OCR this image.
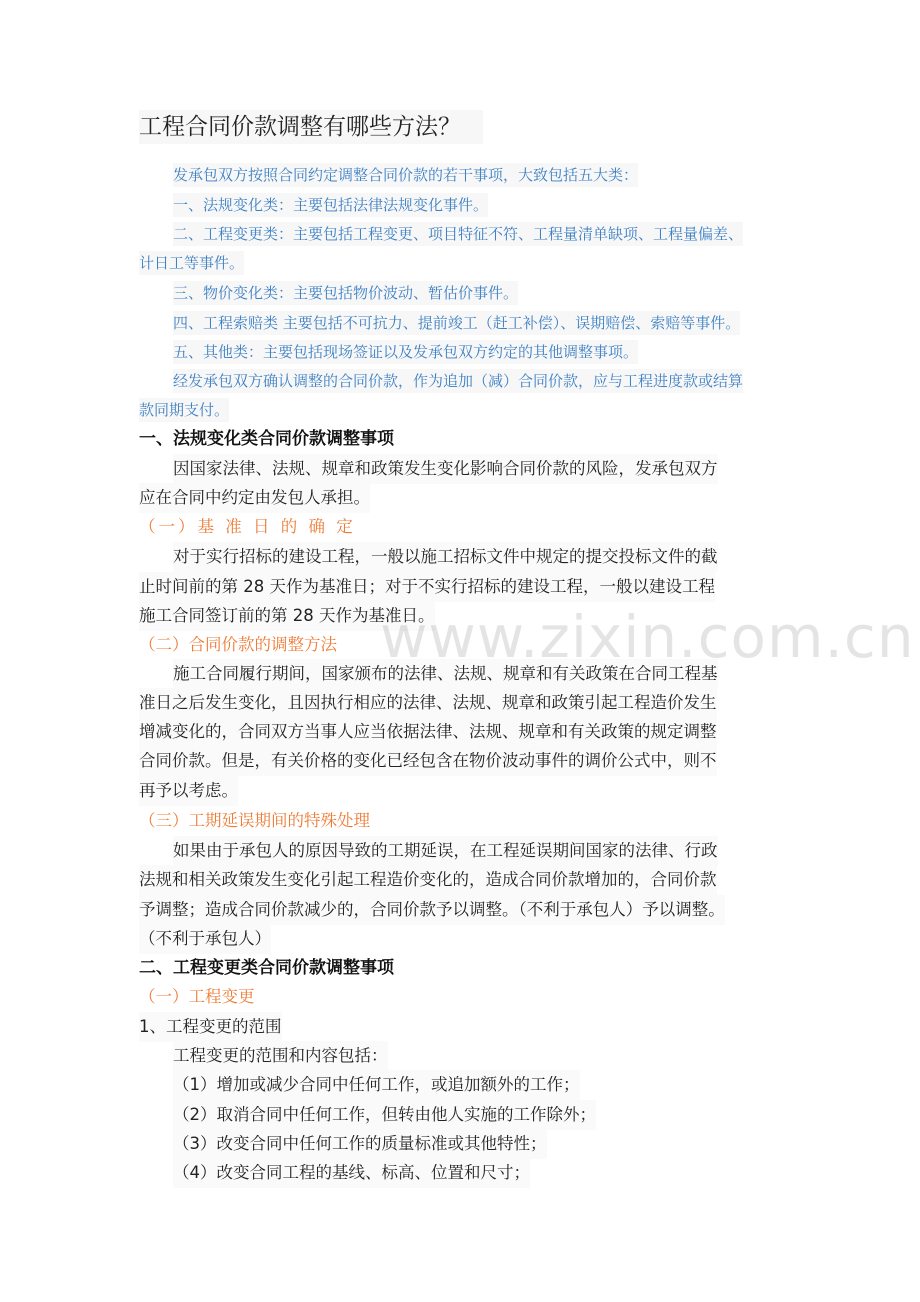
工程合同价款调整有哪些方法？
发承包双方按照合同约定调整合同价款的若干事项，大致包括五大类：
一、法规变化类：主要包括法律法规变化事件。
二、工程变更类：主要包括工程变更、项目特征不符、工程量清单缺项、工程量偏差、
计日工等事件。
三、物价变化类：主要包括物价波动、暂估价事件。
四、工程索赔类 主要包括不可抗力、提前竣工（赶工补偿）、误期赔偿、索赔等事件。
五、其他类：主要包括现场签证以及发承包双方约定的其他调整事项。
经发承包双方确认调整的合同价款，作为追加（减）合同价款，应与工程进度款或结算
款同期支付。
一、法规变化类合同价款调整事项
因国家法律、法规、规章和政策发生变化影响合同价款的风险，发承包双方
应在合同中约定由发包人承担。
（一）基 准 日 的 确 定
对于实行招标的建设工程，一般以施工招标文件中规定的提交投标文件的截
止时间前的第 28 天作为基准日；对于不实行招标的建设工程，一般以建设工程
施工合同签订前的第 28 天作为基准日。
（二）合同价款的调整方法
施工合同履行期间，国家颁布的法律、法规、规章和有关政策在合同工程基
准日之后发生变化，且因执行相应的法律、法规、规章和政策引起工程造价发生
增减变化的，合同双方当事人应当依据法律、法规、规章和有关政策的规定调整
合同价款。但是，有关价格的变化已经包含在物价波动事件的调价公式中，则不
再予以考虑。
（三）工期延误期间的特殊处理
如果由于承包人的原因导致的工期延误，在工程延误期间国家的法律、行政
法规和相关政策发生变化引起工程造价变化的，造成合同价款增加的，合同价款
予调整；造成合同价款减少的，合同价款予以调整。（不利于承包人）予以调整。
（不利于承包人）
二、工程变更类合同价款调整事项
（一）工程变更
1、工程变更的范围
工程变更的范围和内容包括：
（1）增加或减少合同中任何工作，或追加额外的工作；
（2）取消合同中任何工作，但转由他人实施的工作除外；
（3）改变合同中任何工作的质量标准或其他特性；
（4）改变合同工程的基线、标高、位置和尺寸；
www.zixin.com.cn
